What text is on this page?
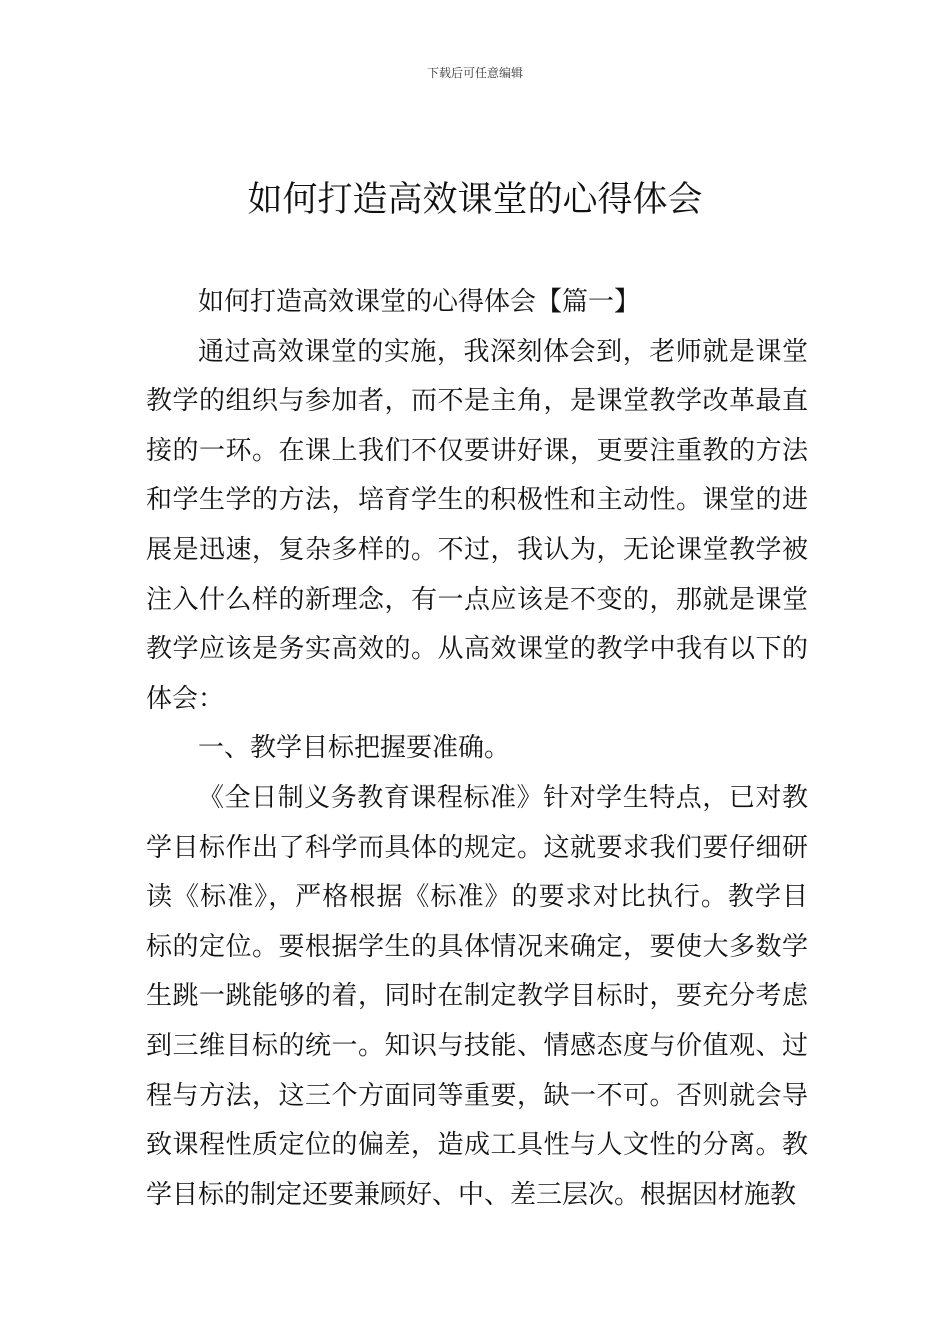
下载后可任意编辑
如何打造高效课堂的心得体会

如何打造高效课堂的心得体会【篇一】

通过高效课堂的实施，我深刻体会到，老师就是课堂教学的组织与参加者，而不是主角，是课堂教学改革最直接的一环。在课上我们不仅要讲好课，更要注重教的方法和学生学的方法，培育学生的积极性和主动性。课堂的进展是迅速，复杂多样的。不过，我认为，无论课堂教学被注入什么样的新理念，有一点应该是不变的，那就是课堂教学应该是务实高效的。从高效课堂的教学中我有以下的体会：

一、教学目标把握要准确。

《全日制义务教育课程标准》针对学生特点，已对教学目标作出了科学而具体的规定。这就要求我们要仔细研读《标准》，严格根据《标准》的要求对比执行。教学目标的定位。要根据学生的具体情况来确定，要使大多数学生跳一跳能够的着，同时在制定教学目标时，要充分考虑到三维目标的统一。知识与技能、情感态度与价值观、过程与方法，这三个方面同等重要，缺一不可。否则就会导致课程性质定位的偏差，造成工具性与人文性的分离。教学目标的制定还要兼顾好、中、差三层次。根据因材施教
